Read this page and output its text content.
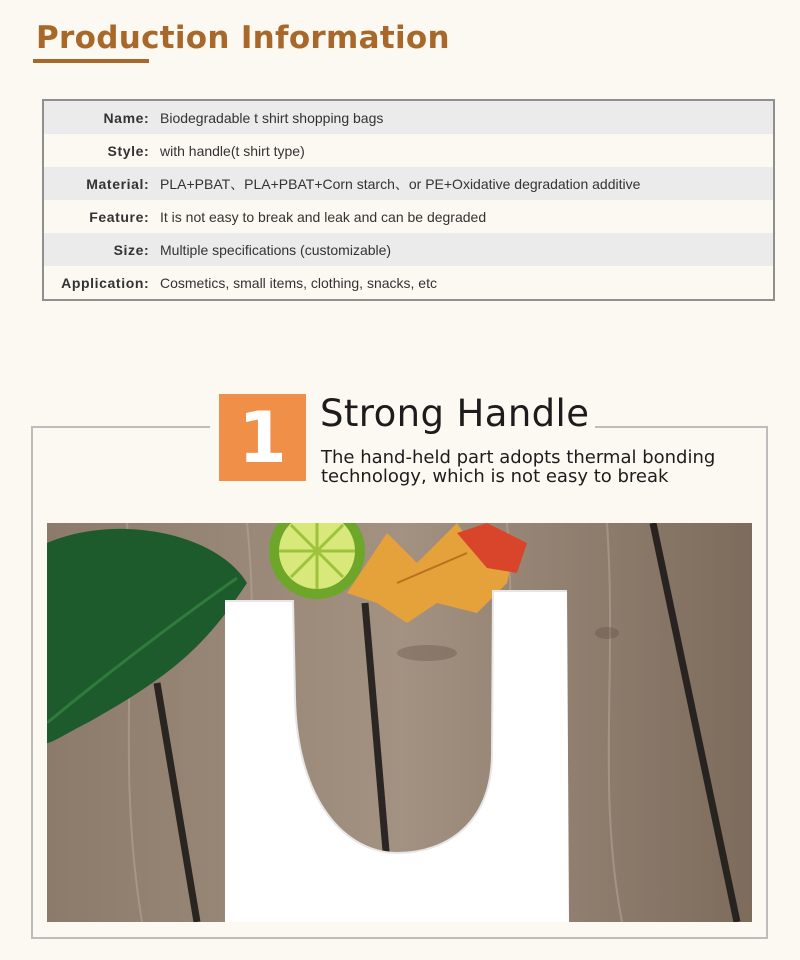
Production Information
Name	:	Biodegradable t shirt shopping bags
Style	:	with handle(t shirt type)
Material	:	PLA+PBAT、PLA+PBAT+Corn starch、or PE+Oxidative degradation additive
Feature	:	It is not easy to break and leak and can be degraded
Size	:	Multiple specifications (customizable)
Application	:	Cosmetics, small items, clothing, snacks, etc
1 Strong Handle
The hand-held part adopts thermal bonding technology, which is not easy to break
